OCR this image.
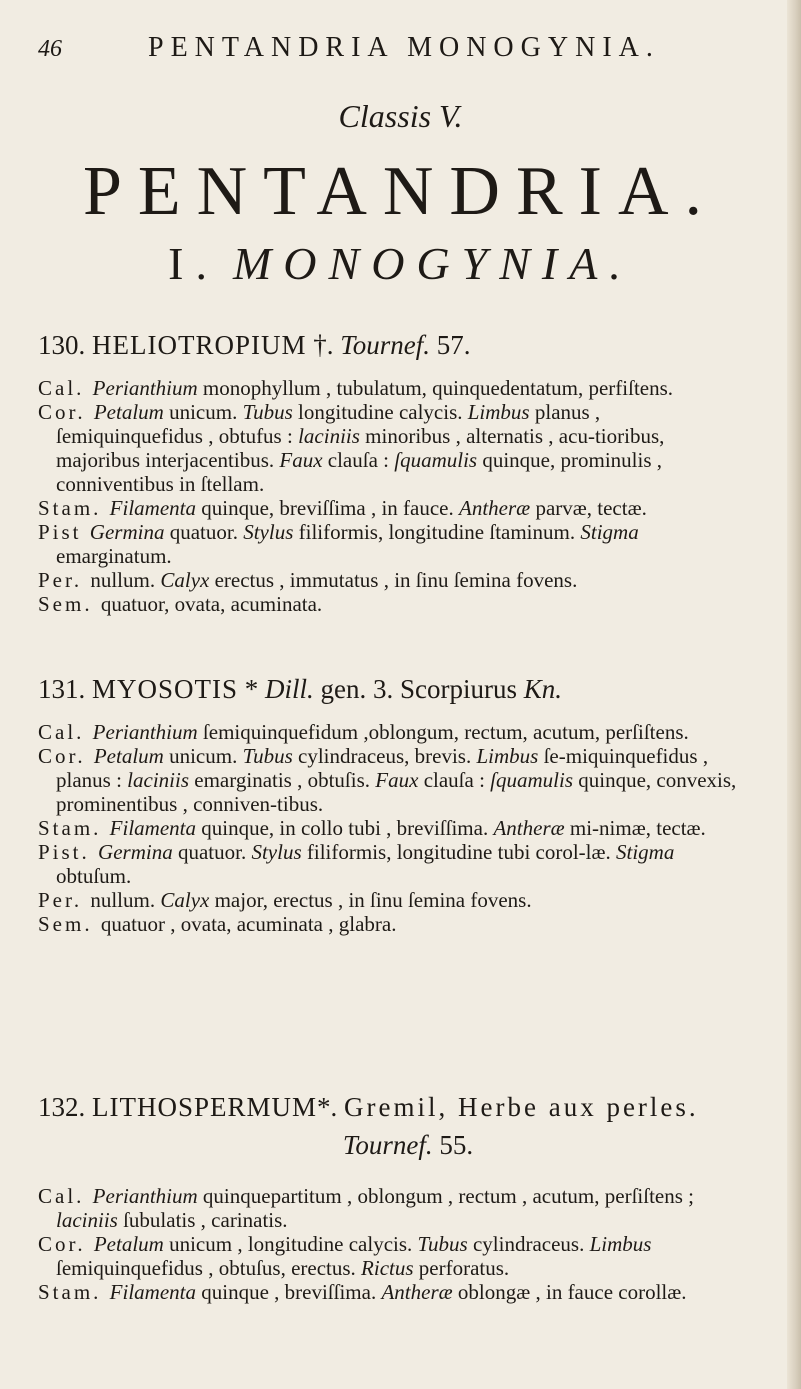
46	PENTANDRIA MONOGYNIA.
Classis V.
PENTANDRIA.
I. MONOGYNIA.
130. HELIOTROPIUM †. Tournef. 57.

Cal. Perianthium monophyllum , tubulatum, quinquedentatum, perfiſtens.

Cor. Petalum unicum. Tubus longitudine calycis. Limbus planus , ſemiquinquefidus , obtufus : laciniis minoribus , alternatis , acu-tioribus, majoribus interjacentibus. Faux clauſa : ſquamulis quinque, prominulis , conniventibus in ſtellam.

Stam. Filamenta quinque, breviſſima , in fauce. Antheræ parvæ, tectæ.

Pist Germina quatuor. Stylus filiformis, longitudine ſtaminum. Stigma emarginatum.

Per. nullum. Calyx erectus , immutatus , in ſinu ſemina fovens.

Sem. quatuor, ovata, acuminata.

131. MYOSOTIS * Dill. gen. 3. Scorpiurus Kn.

Cal. Perianthium ſemiquinquefidum ,oblongum, rectum, acutum, perſiſtens.

Cor. Petalum unicum. Tubus cylindraceus, brevis. Limbus ſe-miquinquefidus , planus : laciniis emarginatis , obtuſis. Faux clauſa : ſquamulis quinque, convexis, prominentibus , conniven-tibus.

Stam. Filamenta quinque, in collo tubi , breviſſima. Antheræ mi-nimæ, tectæ.

Pist. Germina quatuor. Stylus filiformis, longitudine tubi corol-læ. Stigma obtuſum.

Per. nullum. Calyx major, erectus , in ſinu ſemina fovens.

Sem. quatuor , ovata, acuminata , glabra.

132. LITHOSPERMUM*. Gremil, Herbe aux perles.
Tournef. 55.

Cal. Perianthium quinquepartitum , oblongum , rectum , acutum, perſiſtens ; laciniis ſubulatis , carinatis.

Cor. Petalum unicum , longitudine calycis. Tubus cylindraceus. Limbus ſemiquinquefidus , obtuſus, erectus. Rictus perforatus.

Stam. Filamenta quinque , breviſſima. Antheræ oblongæ , in fauce corollæ.
